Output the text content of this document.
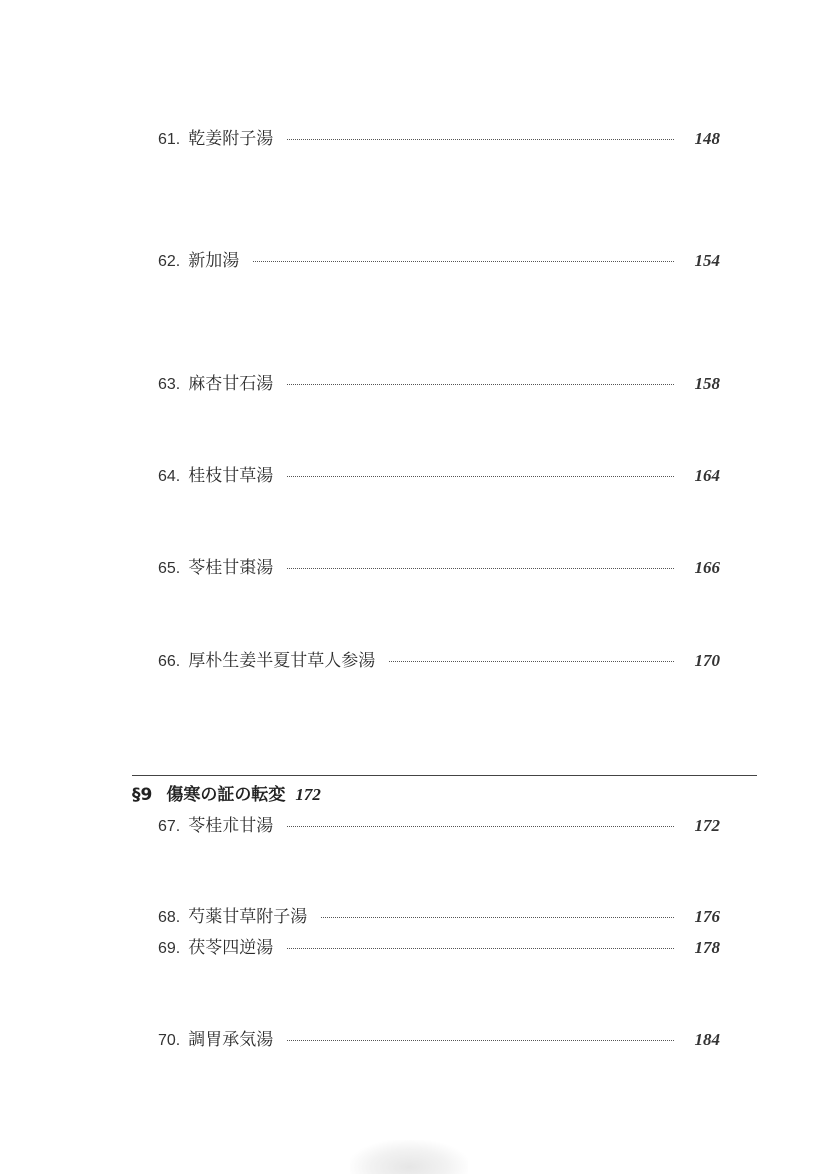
61. 乾姜附子湯	148
62. 新加湯	154
63. 麻杏甘石湯	158
64. 桂枝甘草湯	164
65. 苓桂甘棗湯	166
66. 厚朴生姜半夏甘草人参湯	170
§9 傷寒の証の転変 172
67. 苓桂朮甘湯	172
68. 芍薬甘草附子湯	176
69. 茯苓四逆湯	178
70. 調胃承気湯	184
